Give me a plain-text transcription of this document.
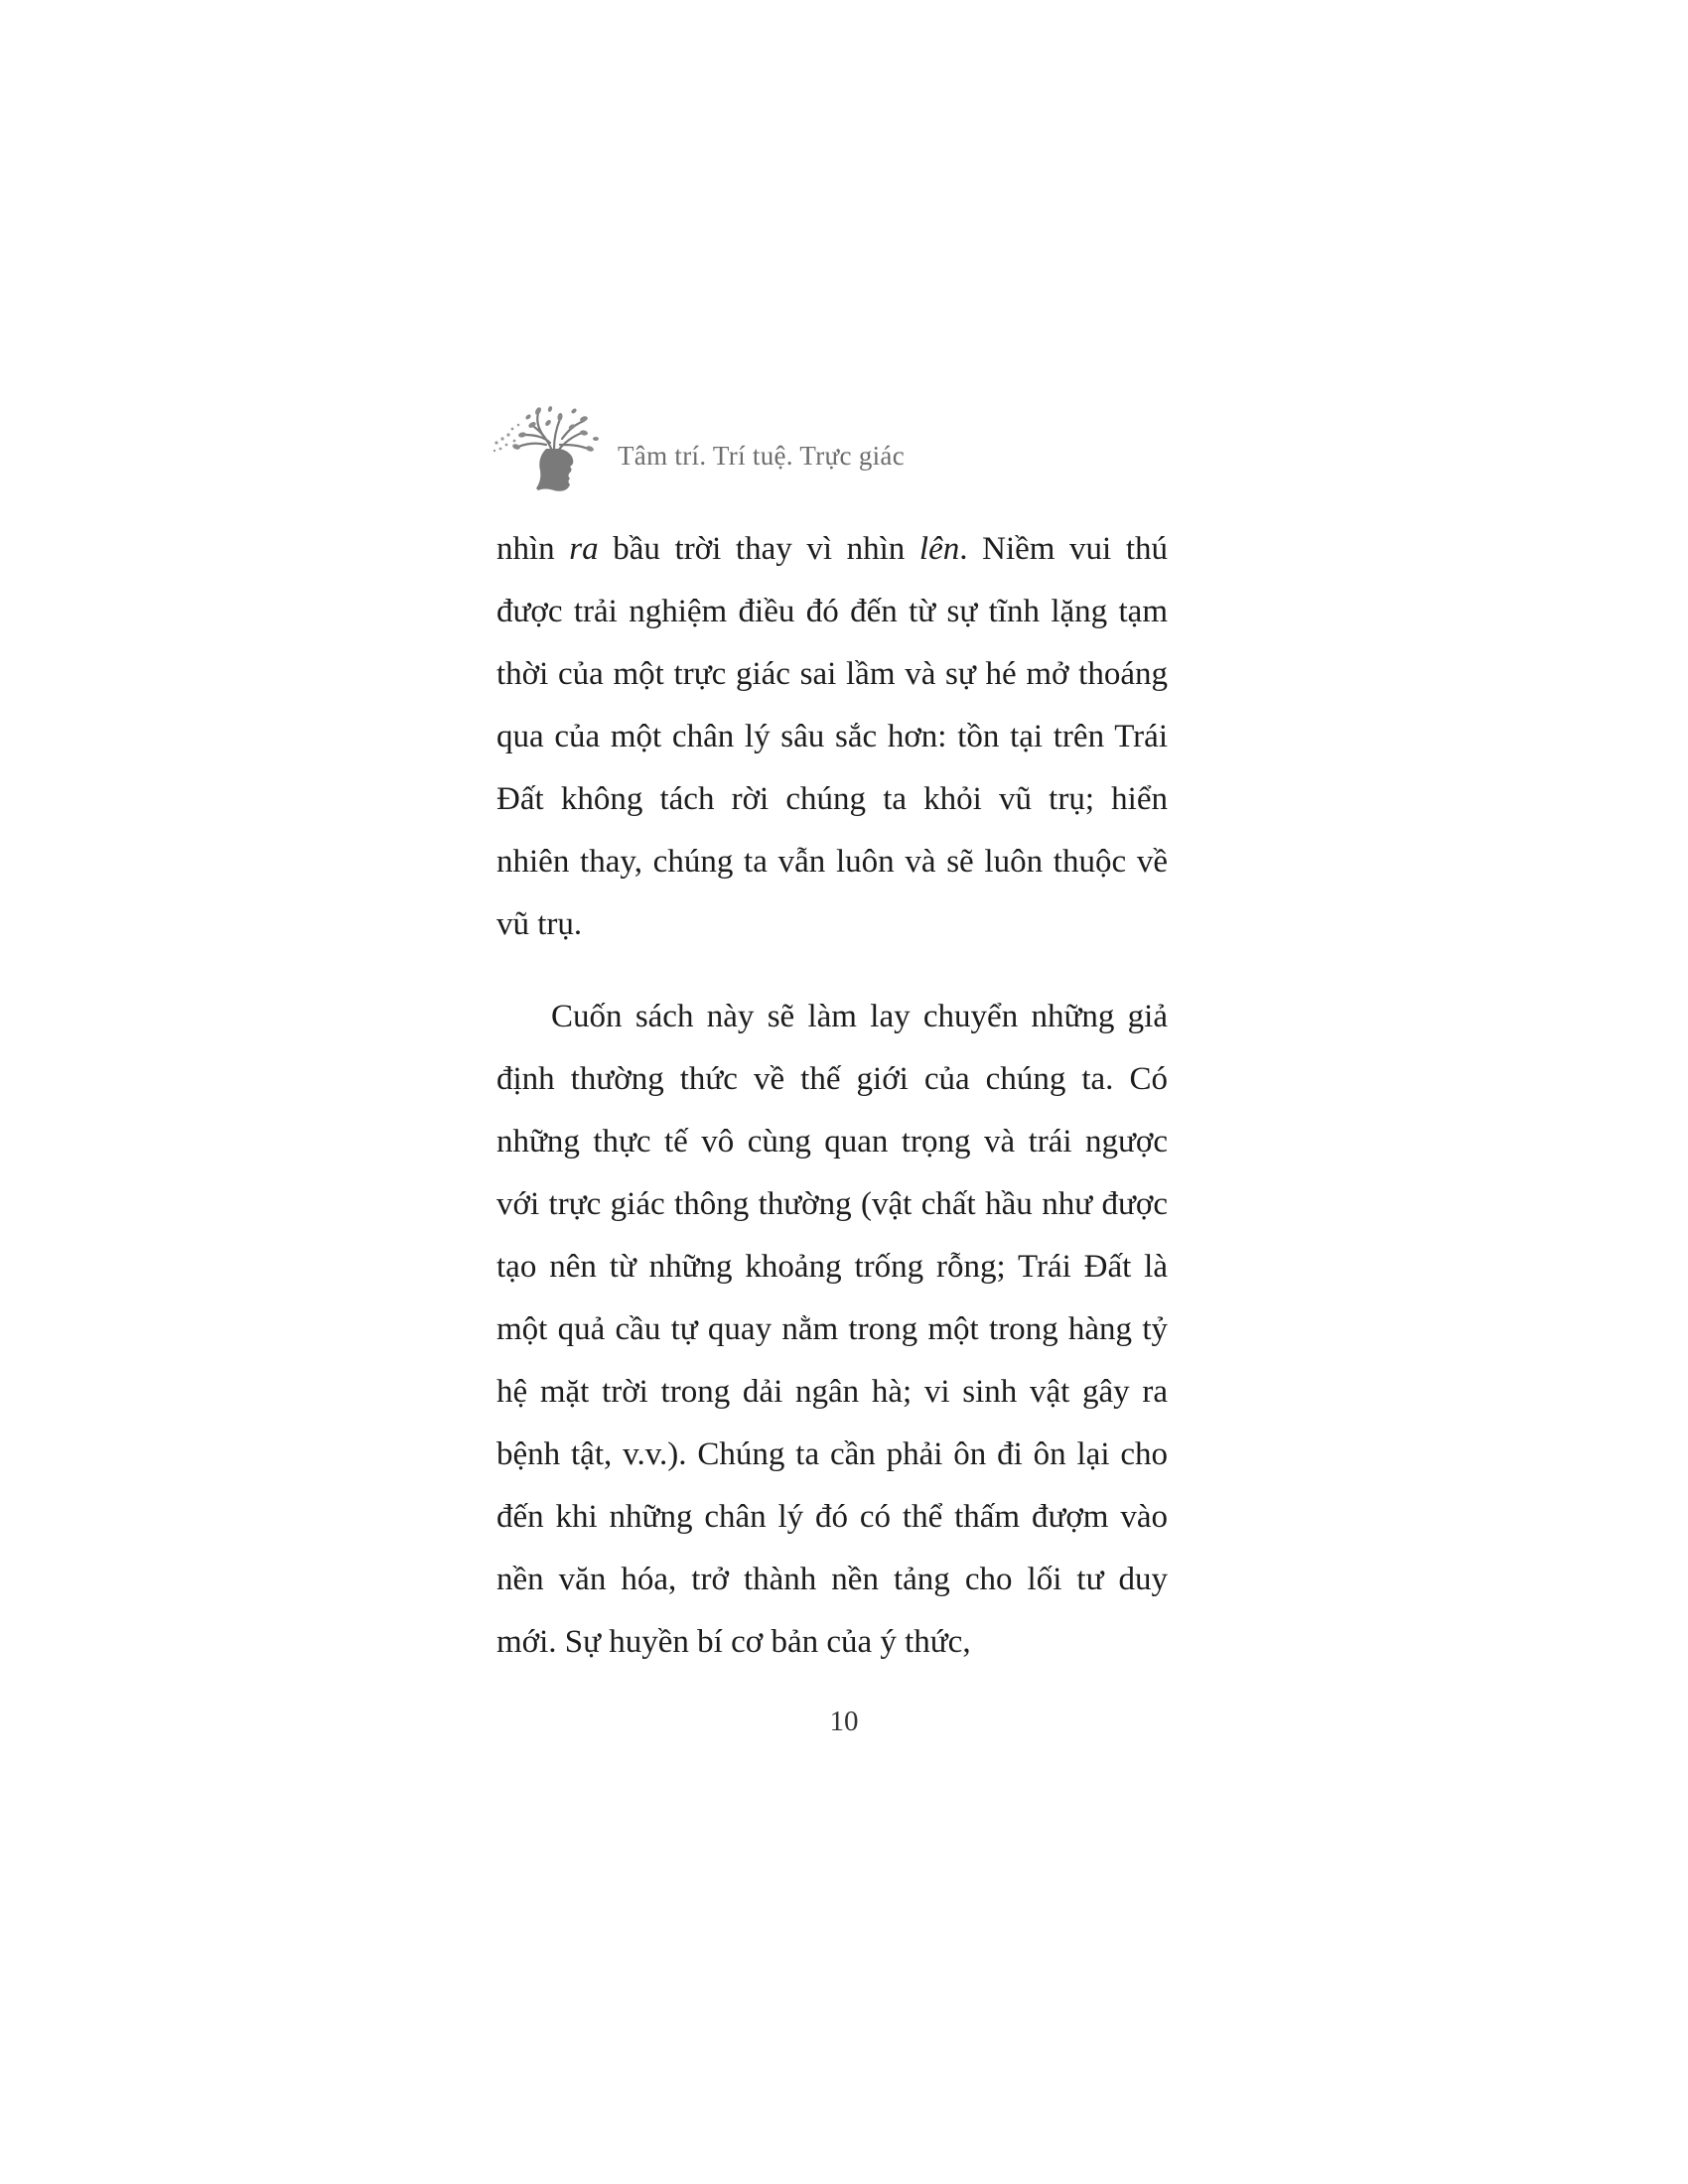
Tâm trí. Trí tuệ. Trực giác

nhìn ra bầu trời thay vì nhìn lên. Niềm vui thú được trải nghiệm điều đó đến từ sự tĩnh lặng tạm thời của một trực giác sai lầm và sự hé mở thoáng qua của một chân lý sâu sắc hơn: tồn tại trên Trái Đất không tách rời chúng ta khỏi vũ trụ; hiển nhiên thay, chúng ta vẫn luôn và sẽ luôn thuộc về vũ trụ.

Cuốn sách này sẽ làm lay chuyển những giả định thường thức về thế giới của chúng ta. Có những thực tế vô cùng quan trọng và trái ngược với trực giác thông thường (vật chất hầu như được tạo nên từ những khoảng trống rỗng; Trái Đất là một quả cầu tự quay nằm trong một trong hàng tỷ hệ mặt trời trong dải ngân hà; vi sinh vật gây ra bệnh tật, v.v.). Chúng ta cần phải ôn đi ôn lại cho đến khi những chân lý đó có thể thấm đượm vào nền văn hóa, trở thành nền tảng cho lối tư duy mới. Sự huyền bí cơ bản của ý thức,

10
